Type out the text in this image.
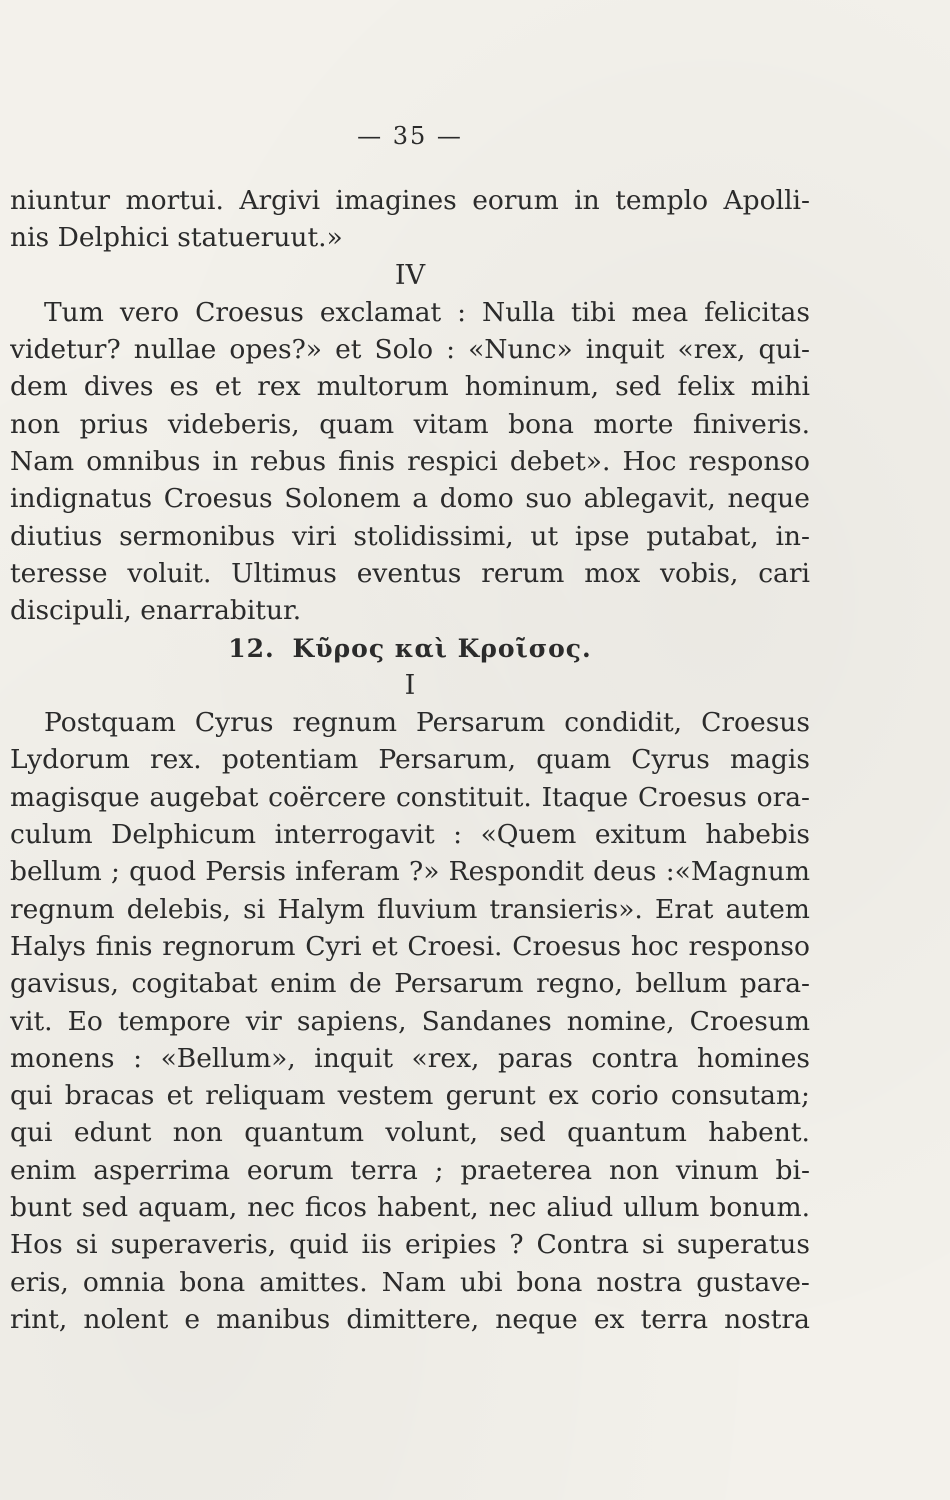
— 35 —
niuntur mortui. Argivi imagines eorum in templo Apolli-
nis Delphici statueruut.»
IV
Tum vero Croesus exclamat : Nulla tibi mea felicitas
videtur? nullae opes?» et Solo : «Nunc» inquit «rex, qui-
dem dives es et rex multorum hominum, sed felix mihi
non prius videberis, quam vitam bona morte finiveris.
Nam omnibus in rebus finis respici debet». Hoc responso
indignatus Croesus Solonem a domo suo ablegavit, neque
diutius sermonibus viri stolidissimi, ut ipse putabat, in-
teresse voluit. Ultimus eventus rerum mox vobis, cari
discipuli, enarrabitur.
12. Κῦρος καὶ Κροῖσος.
I
Postquam Cyrus regnum Persarum condidit, Croesus
Lydorum rex. potentiam Persarum, quam Cyrus magis
magisque augebat coërcere constituit. Itaque Croesus ora-
culum Delphicum interrogavit : «Quem exitum habebis
bellum ; quod Persis inferam ?» Respondit deus :«Magnum
regnum delebis, si Halym fluvium transieris». Erat autem
Halys finis regnorum Cyri et Croesi. Croesus hoc responso
gavisus, cogitabat enim de Persarum regno, bellum para-
vit. Eo tempore vir sapiens, Sandanes nomine, Croesum
monens : «Bellum», inquit «rex, paras contra homines
qui bracas et reliquam vestem gerunt ex corio consutam;
qui edunt non quantum volunt, sed quantum habent.
enim asperrima eorum terra ; praeterea non vinum bi-
bunt sed aquam, nec ficos habent, nec aliud ullum bonum.
Hos si superaveris, quid iis eripies ? Contra si superatus
eris, omnia bona amittes. Nam ubi bona nostra gustave-
rint, nolent e manibus dimittere, neque ex terra nostra
